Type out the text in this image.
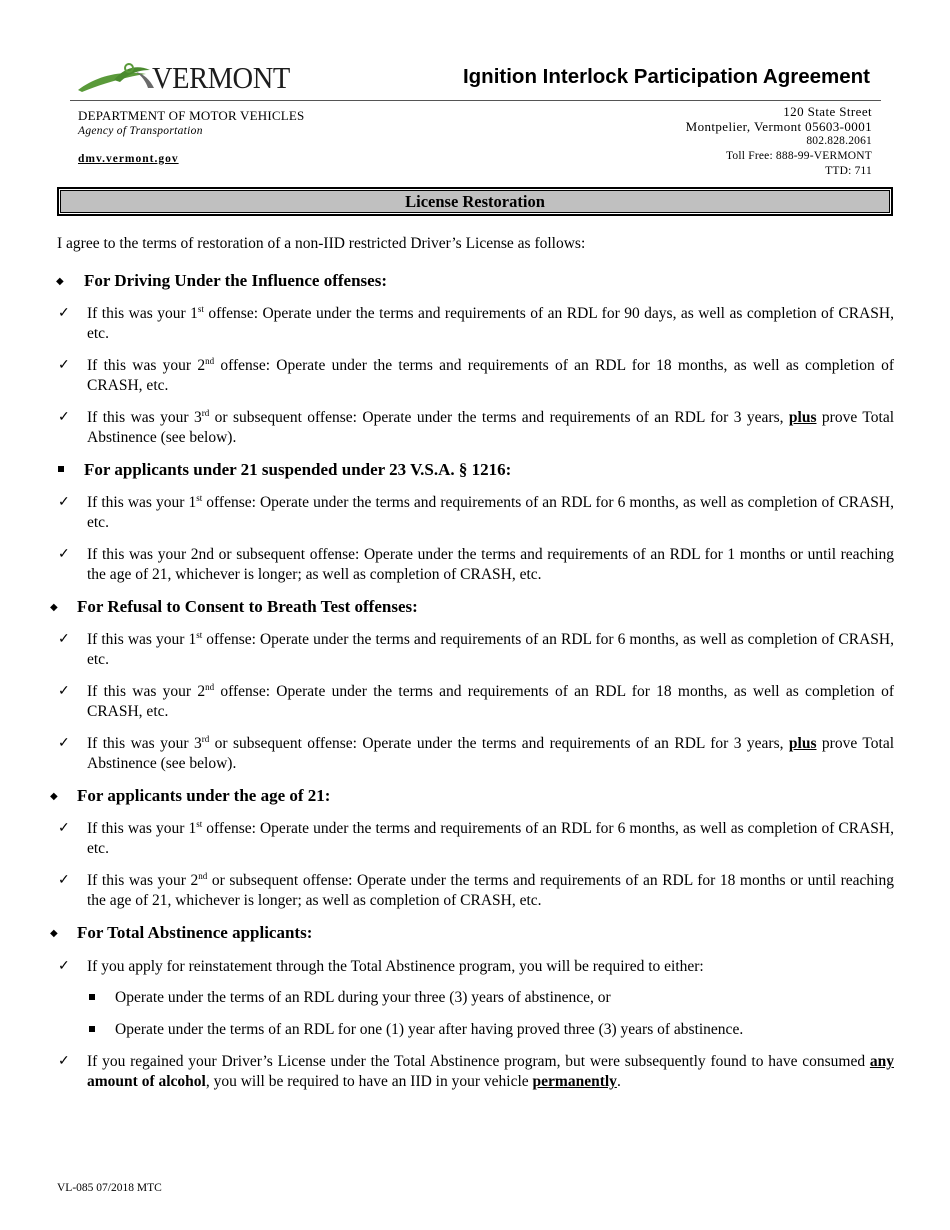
VERMONT	Ignition Interlock Participation Agreement
DEPARTMENT OF MOTOR VEHICLES
Agency of Transportation
dmv.vermont.gov
120 State Street
Montpelier, Vermont 05603-0001
802.828.2061
Toll Free: 888-99-VERMONT
TTD: 711
License Restoration
I agree to the terms of restoration of a non-IID restricted Driver’s License as follows:
◆ For Driving Under the Influence offenses:
✓ If this was your 1st offense: Operate under the terms and requirements of an RDL for 90 days, as well as completion of CRASH, etc.
✓ If this was your 2nd offense: Operate under the terms and requirements of an RDL for 18 months, as well as completion of CRASH, etc.
✓ If this was your 3rd or subsequent offense: Operate under the terms and requirements of an RDL for 3 years, plus prove Total Abstinence (see below).
For applicants under 21 suspended under 23 V.S.A. § 1216:
✓ If this was your 1st offense: Operate under the terms and requirements of an RDL for 6 months, as well as completion of CRASH, etc.
✓ If this was your 2nd or subsequent offense: Operate under the terms and requirements of an RDL for 1 months or until reaching the age of 21, whichever is longer; as well as completion of CRASH, etc.
◆ For Refusal to Consent to Breath Test offenses:
✓ If this was your 1st offense: Operate under the terms and requirements of an RDL for 6 months, as well as completion of CRASH, etc.
✓ If this was your 2nd offense: Operate under the terms and requirements of an RDL for 18 months, as well as completion of CRASH, etc.
✓ If this was your 3rd or subsequent offense: Operate under the terms and requirements of an RDL for 3 years, plus prove Total Abstinence (see below).
◆ For applicants under the age of 21:
✓ If this was your 1st offense: Operate under the terms and requirements of an RDL for 6 months, as well as completion of CRASH, etc.
✓ If this was your 2nd or subsequent offense: Operate under the terms and requirements of an RDL for 18 months or until reaching the age of 21, whichever is longer; as well as completion of CRASH, etc.
◆ For Total Abstinence applicants:
✓ If you apply for reinstatement through the Total Abstinence program, you will be required to either:
Operate under the terms of an RDL during your three (3) years of abstinence, or
Operate under the terms of an RDL for one (1) year after having proved three (3) years of abstinence.
✓ If you regained your Driver’s License under the Total Abstinence program, but were subsequently found to have consumed any amount of alcohol, you will be required to have an IID in your vehicle permanently.
VL-085 07/2018 MTC
